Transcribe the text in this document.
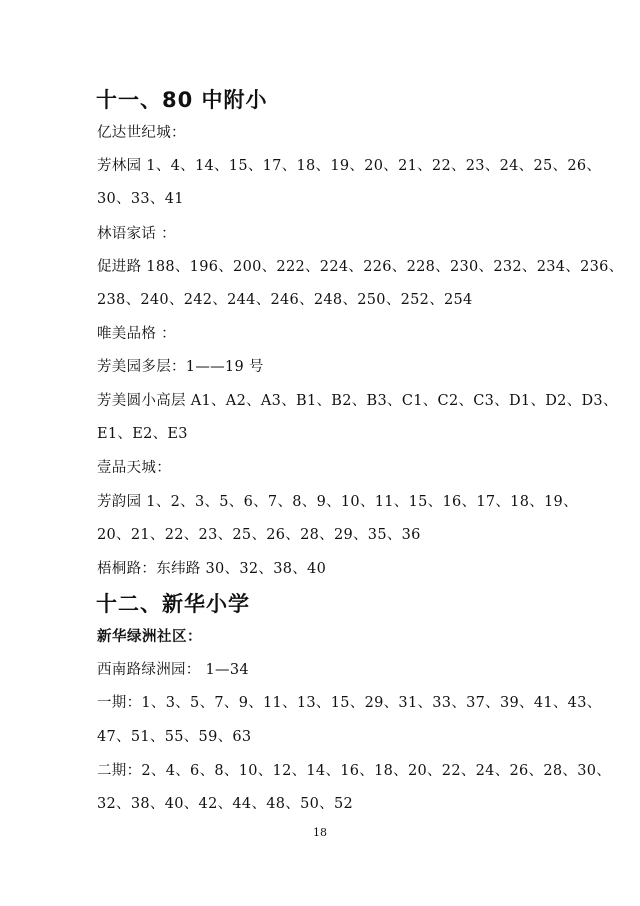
十一、80 中附小
亿达世纪城：
芳林园 1、4、14、15、17、18、19、20、21、22、23、24、25、26、
30、33、41
林语家话 ：
促进路 188、196、200、222、224、226、228、230、232、234、236、
238、240、242、244、246、248、250、252、254
唯美品格 ：
芳美园多层：1——19 号
芳美圆小高层 A1、A2、A3、B1、B2、B3、C1、C2、C3、D1、D2、D3、
E1、E2、E3
壹品天城：
芳韵园 1、2、3、5、6、7、8、9、10、11、15、16、17、18、19、
20、21、22、23、25、26、28、29、35、36
梧桐路：东纬路 30、32、38、40
十二、新华小学
新华绿洲社区：
西南路绿洲园： 1—34
一期：1、3、5、7、9、11、13、15、29、31、33、37、39、41、43、
47、51、55、59、63
二期：2、4、6、8、10、12、14、16、18、20、22、24、26、28、30、
32、38、40、42、44、48、50、52
18
